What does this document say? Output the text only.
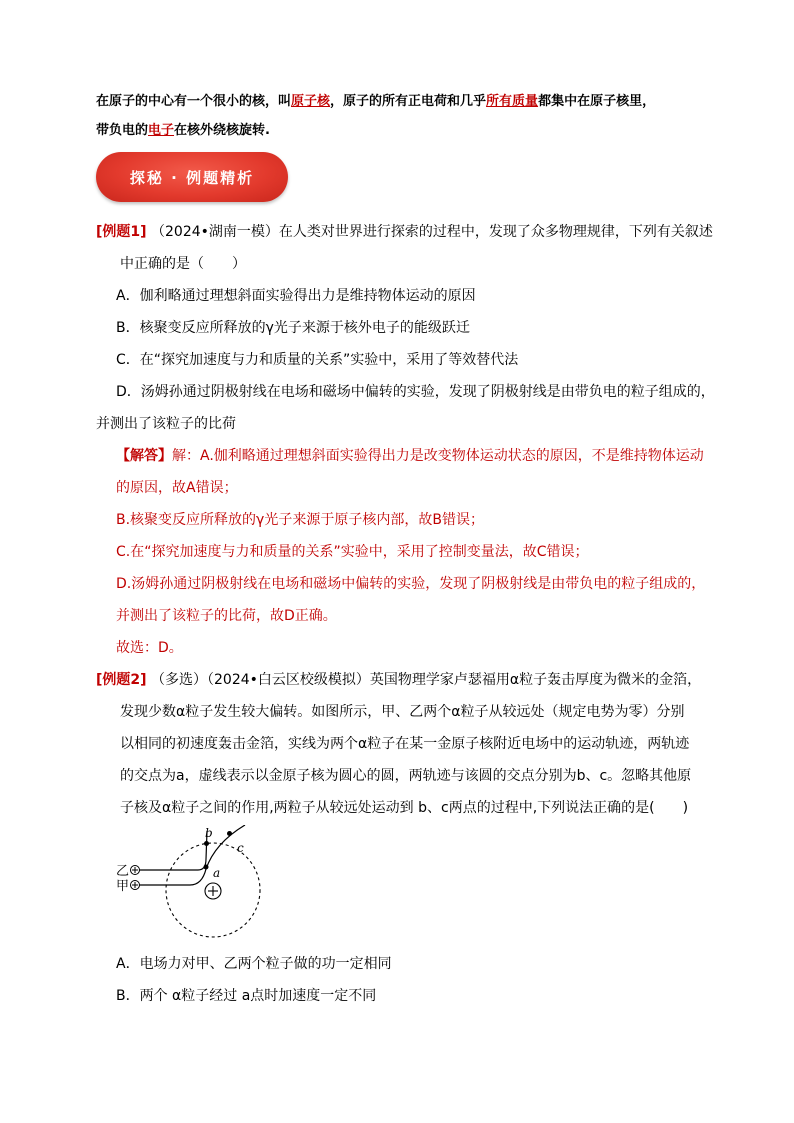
在原子的中心有一个很小的核，叫原子核，原子的所有正电荷和几乎所有质量都集中在原子核里，
带负电的电子在核外绕核旋转.
探秘 · 例题精析
[例题1] （2024•湖南一模）在人类对世界进行探索的过程中，发现了众多物理规律，下列有关叙述
中正确的是（　　）
A．伽利略通过理想斜面实验得出力是维持物体运动的原因
B．核聚变反应所释放的γ光子来源于核外电子的能级跃迁
C．在“探究加速度与力和质量的关系”实验中，采用了等效替代法
D．汤姆孙通过阴极射线在电场和磁场中偏转的实验，发现了阴极射线是由带负电的粒子组成的，
并测出了该粒子的比荷
【解答】解：A.伽利略通过理想斜面实验得出力是改变物体运动状态的原因，不是维持物体运动
的原因，故A错误；
B.核聚变反应所释放的γ光子来源于原子核内部，故B错误；
C.在“探究加速度与力和质量的关系”实验中，采用了控制变量法，故C错误；
D.汤姆孙通过阴极射线在电场和磁场中偏转的实验，发现了阴极射线是由带负电的粒子组成的，
并测出了该粒子的比荷，故D正确。
故选：D。
[例题2] （多选）（2024•白云区校级模拟）英国物理学家卢瑟福用α粒子轰击厚度为微米的金箔，
发现少数α粒子发生较大偏转。如图所示，甲、乙两个α粒子从较远处（规定电势为零）分别
以相同的初速度轰击金箔，实线为两个α粒子在某一金原子核附近电场中的运动轨迹，两轨迹
的交点为a，虚线表示以金原子核为圆心的圆，两轨迹与该圆的交点分别为b、c。忽略其他原
子核及α粒子之间的作用,两粒子从较远处运动到 b、c两点的过程中,下列说法正确的是(　　)
乙
甲
a
b
c
A．电场力对甲、乙两个粒子做的功一定相同
B．两个 α粒子经过 a点时加速度一定不同
